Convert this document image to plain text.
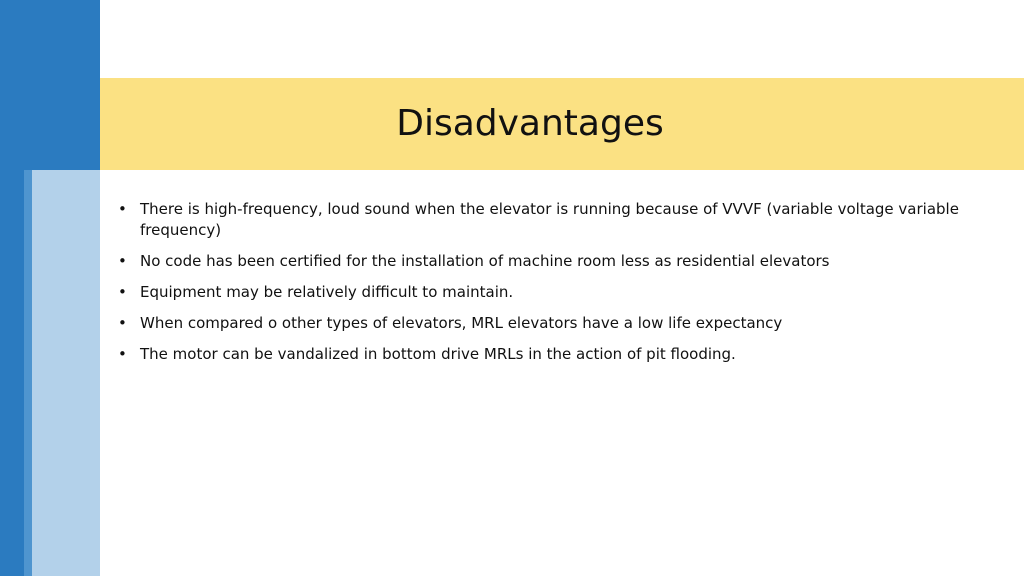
Disadvantages
• There is high-frequency, loud sound when the elevator is running because of VVVF (variable voltage variable frequency)
• No code has been certified for the installation of machine room less as residential elevators
• Equipment may be relatively difficult to maintain.
• When compared o other types of elevators, MRL elevators have a low life expectancy
• The motor can be vandalized in bottom drive MRLs in the action of pit flooding.
